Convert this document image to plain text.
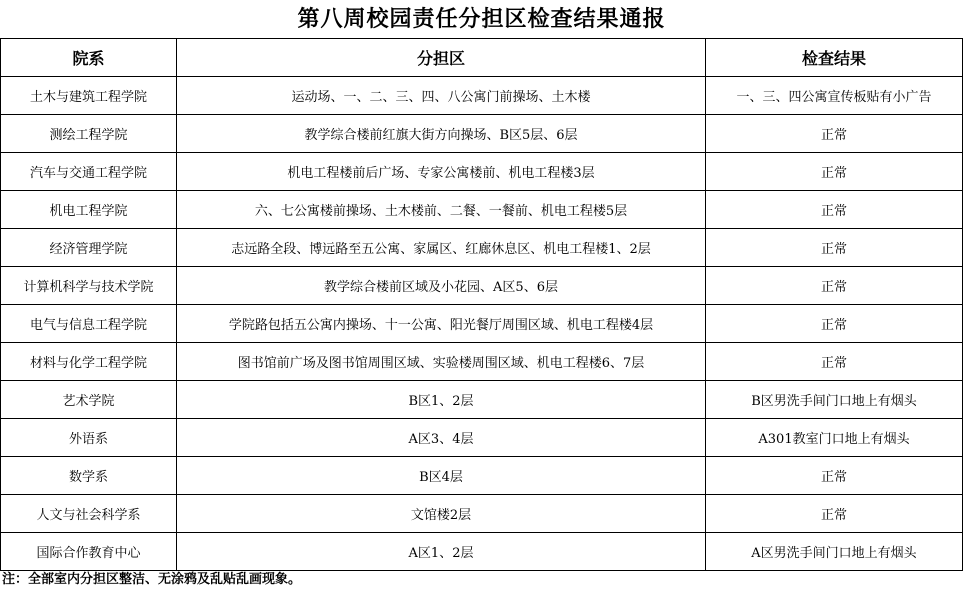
第八周校园责任分担区检查结果通报
院系	分担区	检查结果
土木与建筑工程学院	运动场、一、二、三、四、八公寓门前操场、土木楼	一、三、四公寓宣传板贴有小广告
测绘工程学院	教学综合楼前红旗大街方向操场、B区5层、6层	正常
汽车与交通工程学院	机电工程楼前后广场、专家公寓楼前、机电工程楼3层	正常
机电工程学院	六、七公寓楼前操场、土木楼前、二餐、一餐前、机电工程楼5层	正常
经济管理学院	志远路全段、博远路至五公寓、家属区、红廊休息区、机电工程楼1、2层	正常
计算机科学与技术学院	教学综合楼前区域及小花园、A区5、6层	正常
电气与信息工程学院	学院路包括五公寓内操场、十一公寓、阳光餐厅周围区域、机电工程楼4层	正常
材料与化学工程学院	图书馆前广场及图书馆周围区域、实验楼周围区域、机电工程楼6、7层	正常
艺术学院	B区1、2层	B区男洗手间门口地上有烟头
外语系	A区3、4层	A301教室门口地上有烟头
数学系	B区4层	正常
人文与社会科学系	文馆楼2层	正常
国际合作教育中心	A区1、2层	A区男洗手间门口地上有烟头
注：全部室内分担区整洁、无涂鸦及乱贴乱画现象。
